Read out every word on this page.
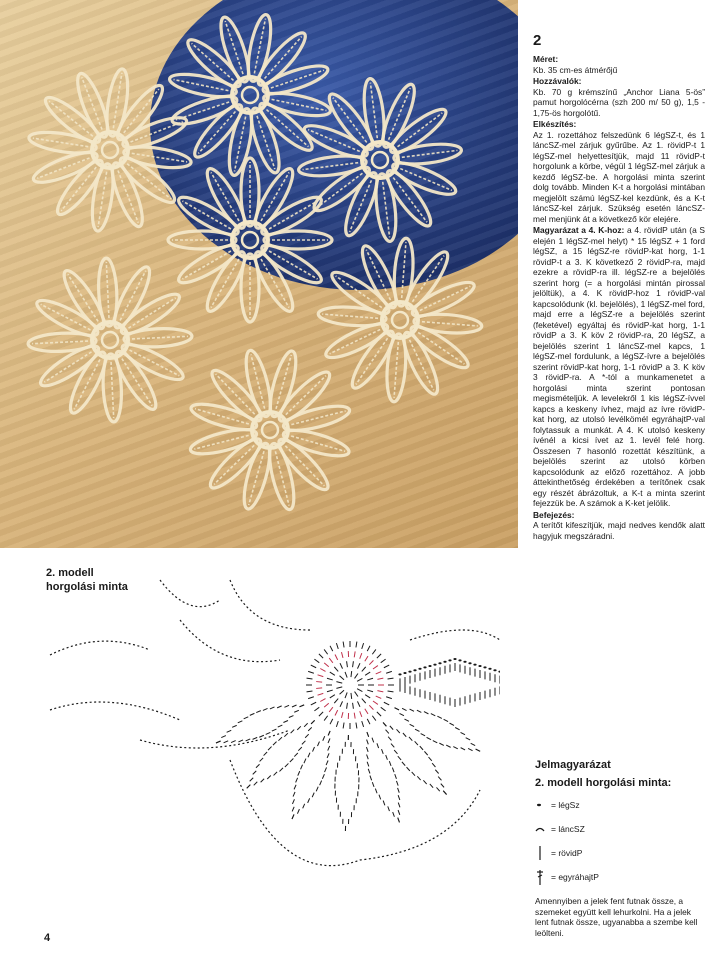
2
Méret:
Kb. 35 cm-es átmérőjű
Hozzávalók:
Kb. 70 g krémszínű „Anchor Liana 5-ös” pamut horgolócérna (szh 200 m/ 50 g), 1,5 - 1,75-ös horgolótű.
Elkészítés:
Az 1. rozettához felszedünk 6 légSZ-t, és 1 láncSZ-mel zárjuk gyűrűbe. Az 1. rövidP-t 1 légSZ-mel helyettesítjük, majd 11 rövidP-t horgolunk a körbe, végül 1 légSZ-mel zárjuk a kezdő légSZ-be. A horgolási minta szerint dolg tovább. Minden K-t a horgolási mintában megjelölt számú légSZ-kel kezdünk, és a K-t láncSZ-kel zárjuk. Szükség esetén láncSZ-mel menjünk át a következő kör elejére.
Magyarázat a 4. K-hoz: a 4. rövidP után (a S elején 1 légSZ-mel helyt) * 15 légSZ + 1 ford légSZ, a 15 légSZ-re rövidP-kat horg, 1-1 rövidP-t a 3. K következő 2 rövidP-ra, majd ezekre a rövidP-ra ill. légSZ-re a bejelölés szerint horg (= a horgolási mintán pirossal jelöltük), a 4. K rövidP-hoz 1 rövidP-val kapcsolódunk (kl. bejelölés), 1 légSZ-mel ford, majd erre a légSZ-re a bejelölés szerint (feketével) egyáltaj és rövidP-kat horg, 1-1 rövidP a 3. K köv 2 rövidP-ra, 20 légSZ, a bejelölés szerint 1 láncSZ-mel kapcs, 1 légSZ-mel fordulunk, a légSZ-ívre a bejelölés szerint rövidP-kat horg, 1-1 rövidP a 3. K köv 3 rövidP-ra. A *-tól a munkamenetet a horgolási minta szerint pontosan megismételjük. A levelekről 1 kis légSZ-ívvel kapcs a keskeny ívhez, majd az ívre rövidP-kat horg, az utolsó levélkömél egyráhajtP-val folytassuk a munkát. A 4. K utolsó keskeny ívénél a kicsi ívet az 1. levél felé horg. Összesen 7 hasonló rozettát készítünk, a bejelölés szerint az utolsó körben kapcsolódunk az előző rozettához. A jobb áttekinthetőség érdekében a terítőnek csak egy részét ábrázoltuk, a K-t a minta szerint fejezzük be. A számok a K-ket jelölik.
Befejezés:
A terítőt kifeszítjük, majd nedves kendők alatt hagyjuk megszáradni.
2. modell
horgolási minta
Jelmagyarázat
2. modell horgolási minta:
= légSz
= láncSZ
= rövidP
= egyráhajtP
Amennyiben a jelek fent futnak össze, a szemeket együtt kell lehurkolni. Ha a jelek lent futnak össze, ugyanabba a szembe kell leölteni.
4
